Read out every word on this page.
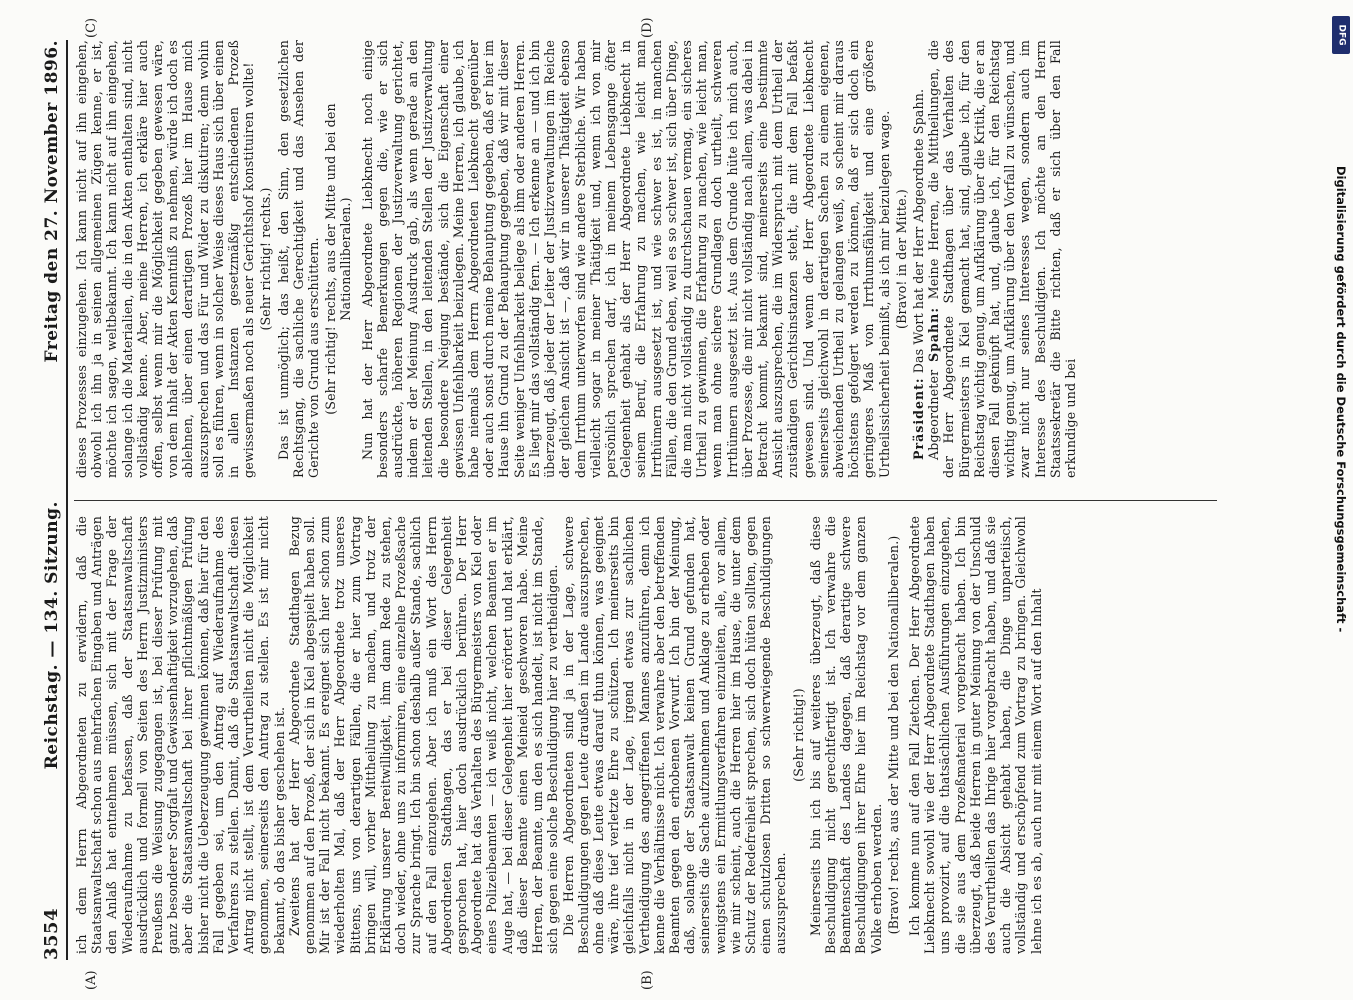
3554
Reichstag. — 134. Sitzung.
Freitag den 27. November 1896.
(A)	(B)
(C)	(D)

ich dem Herrn Abgeordneten zu erwidern, daß die Staatsanwaltschaft schon aus mehrfachen Eingaben und Anträgen den Anlaß hat entnehmen müssen, sich mit der Frage der Wiederaufnahme zu befassen, daß der Staatsanwaltschaft ausdrücklich und formell von Seiten des Herrn Justizministers Preußens die Weisung zugegangen ist, bei dieser Prüfung mit ganz besonderer Sorgfalt und Gewissenhaftigkeit vorzugehen, daß aber die Staatsanwaltschaft bei ihrer pflichtmäßigen Prüfung bisher nicht die Ueberzeugung gewinnen können, daß hier für den Fall gegeben sei, um den Antrag auf Wiederaufnahme des Verfahrens zu stellen. Damit, daß die Staatsanwaltschaft diesen Antrag nicht stellt, ist dem Verurtheilten nicht die Möglichkeit genommen, seinerseits den Antrag zu stellen. Es ist mir nicht bekannt, ob das bisher geschehen ist. Zweitens hat der Herr Abgeordnete Stadthagen Bezug genommen auf den Prozeß, der sich in Kiel abgespielt haben soll. Mir ist der Fall nicht bekannt. Es ereignet sich hier schon zum wiederholten Mal, daß der Herr Abgeordnete trotz unseres Bittens, uns von derartigen Fällen, die er hier zum Vortrag bringen will, vorher Mittheilung zu machen, und trotz der Erklärung unserer Bereitwilligkeit, ihm dann Rede zu stehen, doch wieder, ohne uns zu informiren, eine einzelne Prozeßsache zur Sprache bringt. Ich bin schon deshalb außer Stande, sachlich auf den Fall einzugehen. Aber ich muß ein Wort des Herrn Abgeordneten Stadthagen, das er bei dieser Gelegenheit gesprochen hat, hier doch ausdrücklich berühren. Der Herr Abgeordnete hat das Verhalten des Bürgermeisters von Kiel oder eines Polizeibeamten — ich weiß nicht, welchen Beamten er im Auge hat, — bei dieser Gelegenheit hier erörtert und hat erklärt, daß dieser Beamte einen Meineid geschworen habe. Meine Herren, der Beamte, um den es sich handelt, ist nicht im Stande, sich gegen eine solche Beschuldigung hier zu vertheidigen. Die Herren Abgeordneten sind ja in der Lage, schwere Beschuldigungen gegen Leute draußen im Lande auszusprechen, ohne daß diese Leute etwas darauf thun können, was geeignet wäre, ihre tief verletzte Ehre zu schützen. Ich meinerseits bin gleichfalls nicht in der Lage, irgend etwas zur sachlichen Vertheidigung des angegriffenen Mannes anzuführen, denn ich kenne die Verhältnisse nicht. Ich verwahre aber den betreffenden Beamten gegen den erhobenen Vorwurf. Ich bin der Meinung, daß, solange der Staatsanwalt keinen Grund gefunden hat, seinerseits die Sache aufzunehmen und Anklage zu erheben oder wenigstens ein Ermittlungsverfahren einzuleiten, alle, vor allem, wie mir scheint, auch die Herren hier im Hause, die unter dem Schutz der Redefreiheit sprechen, sich doch hüten sollten, gegen einen schutzlosen Dritten so schwerwiegende Beschuldigungen auszusprechen.

(Sehr richtig!) Meinerseits bin ich bis auf weiteres überzeugt, daß diese Beschuldigung nicht gerechtfertigt ist. Ich verwahre die Beamtenschaft des Landes dagegen, daß derartige schwere Beschuldigungen ihrer Ehre hier im Reichstag vor dem ganzen Volke erhoben werden. (Bravo! rechts, aus der Mitte und bei den Nationalliberalen.) Ich komme nun auf den Fall Zietchen. Der Herr Abgeordnete Liebknecht sowohl wie der Herr Abgeordnete Stadthagen haben uns provozirt, auf die thatsächlichen Ausführungen einzugehen, die sie aus dem Prozeßmaterial vorgebracht haben. Ich bin überzeugt, daß beide Herren in guter Meinung von der Unschuld des Verurtheilten das Ihrige hier vorgebracht haben, und daß sie auch die Absicht gehabt haben, die Dinge unparteiisch, vollständig und erschöpfend zum Vortrag zu bringen. Gleichwohl lehne ich es ab, auch nur mit einem Wort auf den Inhalt

dieses Prozesses einzugehen. Ich kann nicht auf ihn eingehen, obwohl ich ihn ja in seinen allgemeinen Zügen kenne, er ist, möchte ich sagen, weltbekannt. Ich kann nicht auf ihn eingehen, solange ich die Materialien, die in den Akten enthalten sind, nicht vollständig kenne. Aber, meine Herren, ich erkläre hier auch offen, selbst wenn mir die Möglichkeit gegeben gewesen wäre, von dem Inhalt der Akten Kenntniß zu nehmen, würde ich doch es ablehnen, über einen derartigen Prozeß hier im Hause mich auszusprechen und das Für und Wider zu diskutiren; denn wohin soll es führen, wenn in solcher Weise dieses Haus sich über einen in allen Instanzen gesetzmäßig entschiedenen Prozeß gewissermaßen noch als neuer Gerichtshof konstituiren wollte! (Sehr richtig! rechts.) Das ist unmöglich; das heißt, den Sinn, den gesetzlichen Rechtsgang, die sachliche Gerechtigkeit und das Ansehen der Gerichte von Grund aus erschüttern. (Sehr richtig! rechts, aus der Mitte und bei den Nationalliberalen.) Nun hat der Herr Abgeordnete Liebknecht noch einige besonders scharfe Bemerkungen gegen die, wie er sich ausdrückte, höheren Regionen der Justizverwaltung gerichtet, indem er der Meinung Ausdruck gab, als wenn gerade an den leitenden Stellen, in den leitenden Stellen der Justizverwaltung die besondere Neigung bestände, sich die Eigenschaft einer gewissen Unfehlbarkeit beizulegen. Meine Herren, ich glaube, ich habe niemals dem Herrn Abgeordneten Liebknecht gegenüber oder auch sonst durch meine Behauptung gegeben, daß er hier im Hause ihn Grund zu der Behauptung gegeben, daß wir mit dieser Seite weniger Unfehlbarkeit beilege als ihm oder anderen Herren. Es liegt mir das vollständig fern. — Ich erkenne an — und ich bin überzeugt, daß jeder der Leiter der Justizverwaltungen im Reiche der gleichen Ansicht ist —, daß wir in unserer Thätigkeit ebenso dem Irrthum unterworfen sind wie andere Sterbliche. Wir haben vielleicht sogar in meiner Thätigkeit und, wenn ich von mir persönlich sprechen darf, ich in meinem Lebensgange öfter Gelegenheit gehabt als der Herr Abgeordnete Liebknecht in seinem Beruf, die Erfahrung zu machen, wie leicht man Irrthümern ausgesetzt ist, und wie schwer es ist, in manchen Fällen, die den Grund eben, weil es so schwer ist, sich über Dinge, die man nicht vollständig zu durchschauen vermag, ein sicheres Urtheil zu gewinnen, die Erfahrung zu machen, wie leicht man, wenn man ohne sichere Grundlagen doch urtheilt, schweren Irrthümern ausgesetzt ist. Aus dem Grunde hüte ich mich auch, über Prozesse, die mir nicht vollständig nach allem, was dabei in Betracht kommt, bekannt sind, meinerseits eine bestimmte Ansicht auszusprechen, die im Widerspruch mit dem Urtheil der zuständigen Gerichtsinstanzen steht, die mit dem Fall befaßt gewesen sind. Und wenn der Herr Abgeordnete Liebknecht seinerseits gleichwohl in derartigen Sachen zu einem eigenen, abweichenden Urtheil zu gelangen weiß, so scheint mir daraus höchstens gefolgert werden zu können, daß er sich doch ein geringeres Maß von Irrthumsfähigkeit und eine größere Urtheilssicherheit beimißt, als ich mir beizulegen wage. (Bravo! in der Mitte.)

Präsident: Das Wort hat der Herr Abgeordnete Spahn.

Abgeordneter Spahn: Meine Herren, die Mittheilungen, die der Herr Abgeordnete Stadthagen über das Verhalten des Bürgermeisters in Kiel gemacht hat, sind, glaube ich, für den Reichstag wichtig genug, um Aufklärung über die Kritik, die er an diesen Fall geknüpft hat, und, glaube ich, für den Reichstag wichtig genug, um Aufklärung über den Vorfall zu wünschen, und zwar nicht nur seines Interesses wegen, sondern auch im Interesse des Beschuldigten. Ich möchte an den Herrn Staatssekretär die Bitte richten, daß er sich über den Fall erkundige und bei

DFG
Digitalisierung gefördert durch die Deutsche Forschungsgemeinschaft -
